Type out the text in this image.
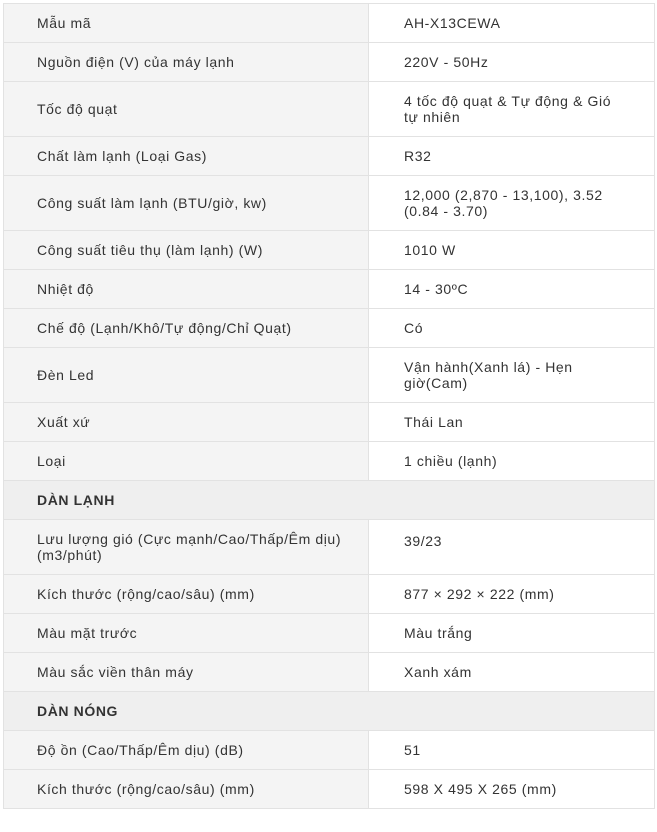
Mẫu mã	AH-X13CEWA
Nguồn điện (V) của máy lạnh	220V - 50Hz
Tốc độ quạt	4 tốc độ quạt & Tự động & Gió tự nhiên
Chất làm lạnh (Loại Gas)	R32
Công suất làm lạnh (BTU/giờ, kw)	12,000 (2,870 - 13,100), 3.52 (0.84 - 3.70)
Công suất tiêu thụ (làm lạnh) (W)	1010 W
Nhiệt độ	14 - 30ºC
Chế độ (Lạnh/Khô/Tự động/Chỉ Quạt)	Có
Đèn Led	Vận hành(Xanh lá) - Hẹn giờ(Cam)
Xuất xứ	Thái Lan
Loại	1 chiều (lạnh)
DÀN LẠNH	
Lưu lượng gió (Cực mạnh/Cao/Thấp/Êm dịu) (m3/phút)	39/23
Kích thước (rộng/cao/sâu) (mm)	877 × 292 × 222 (mm)
Màu mặt trước	Màu trắng
Màu sắc viền thân máy	Xanh xám
DÀN NÓNG	
Độ ồn (Cao/Thấp/Êm dịu) (dB)	51
Kích thước (rộng/cao/sâu) (mm)	598 X 495 X 265 (mm)
